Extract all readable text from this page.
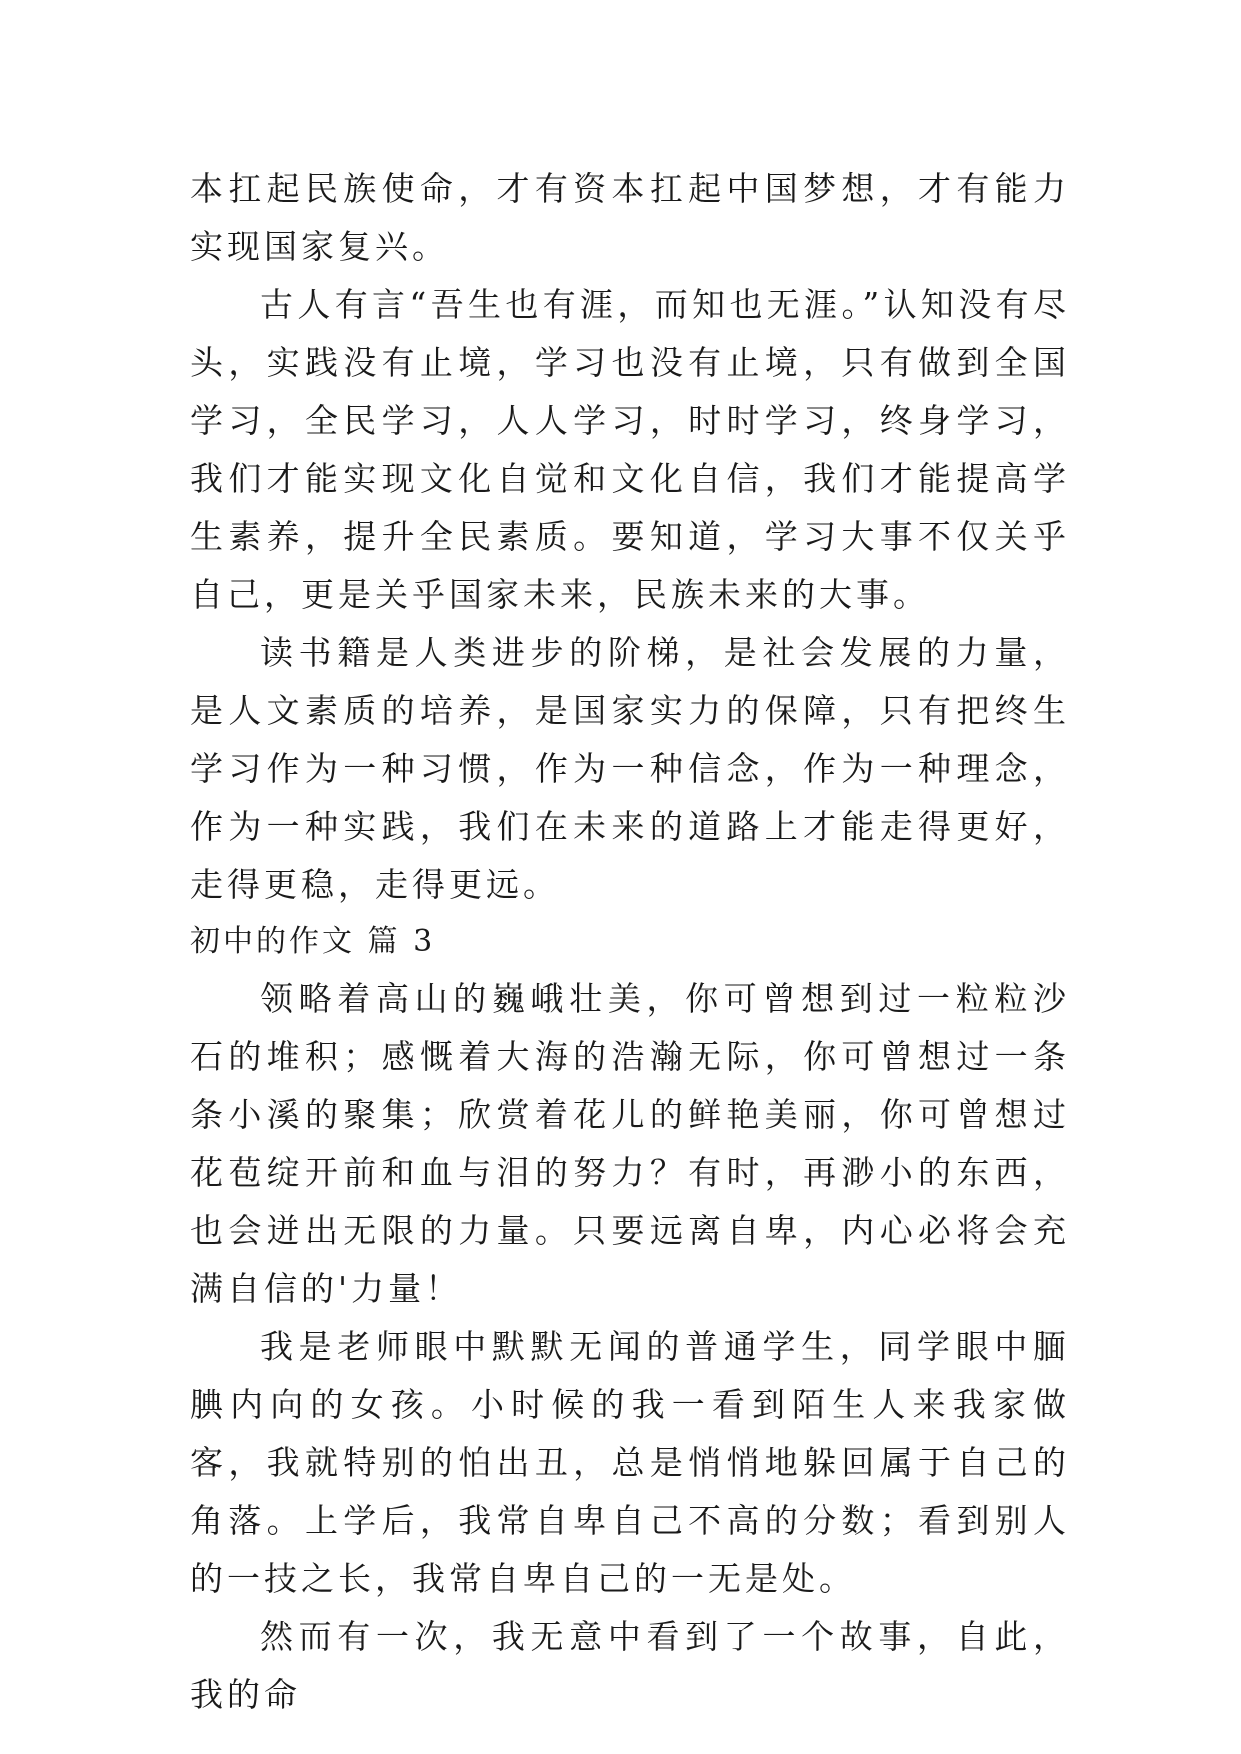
本扛起民族使命，才有资本扛起中国梦想，才有能力实现国家复兴。

古人有言“吾生也有涯，而知也无涯。”认知没有尽头，实践没有止境，学习也没有止境，只有做到全国学习，全民学习，人人学习，时时学习，终身学习，我们才能实现文化自觉和文化自信，我们才能提高学生素养，提升全民素质。要知道，学习大事不仅关乎自己，更是关乎国家未来，民族未来的大事。

读书籍是人类进步的阶梯，是社会发展的力量，是人文素质的培养，是国家实力的保障，只有把终生学习作为一种习惯，作为一种信念，作为一种理念，作为一种实践，我们在未来的道路上才能走得更好，走得更稳，走得更远。

初中的作文 篇 3

领略着高山的巍峨壮美，你可曾想到过一粒粒沙石的堆积；感慨着大海的浩瀚无际，你可曾想过一条条小溪的聚集；欣赏着花儿的鲜艳美丽，你可曾想过花苞绽开前和血与泪的努力？有时，再渺小的东西，也会迸出无限的力量。只要远离自卑，内心必将会充满自信的'力量！

我是老师眼中默默无闻的普通学生，同学眼中腼腆内向的女孩。小时候的我一看到陌生人来我家做客，我就特别的怕出丑，总是悄悄地躲回属于自己的角落。上学后，我常自卑自己不高的分数；看到别人的一技之长，我常自卑自己的一无是处。

然而有一次，我无意中看到了一个故事，自此，我的命
